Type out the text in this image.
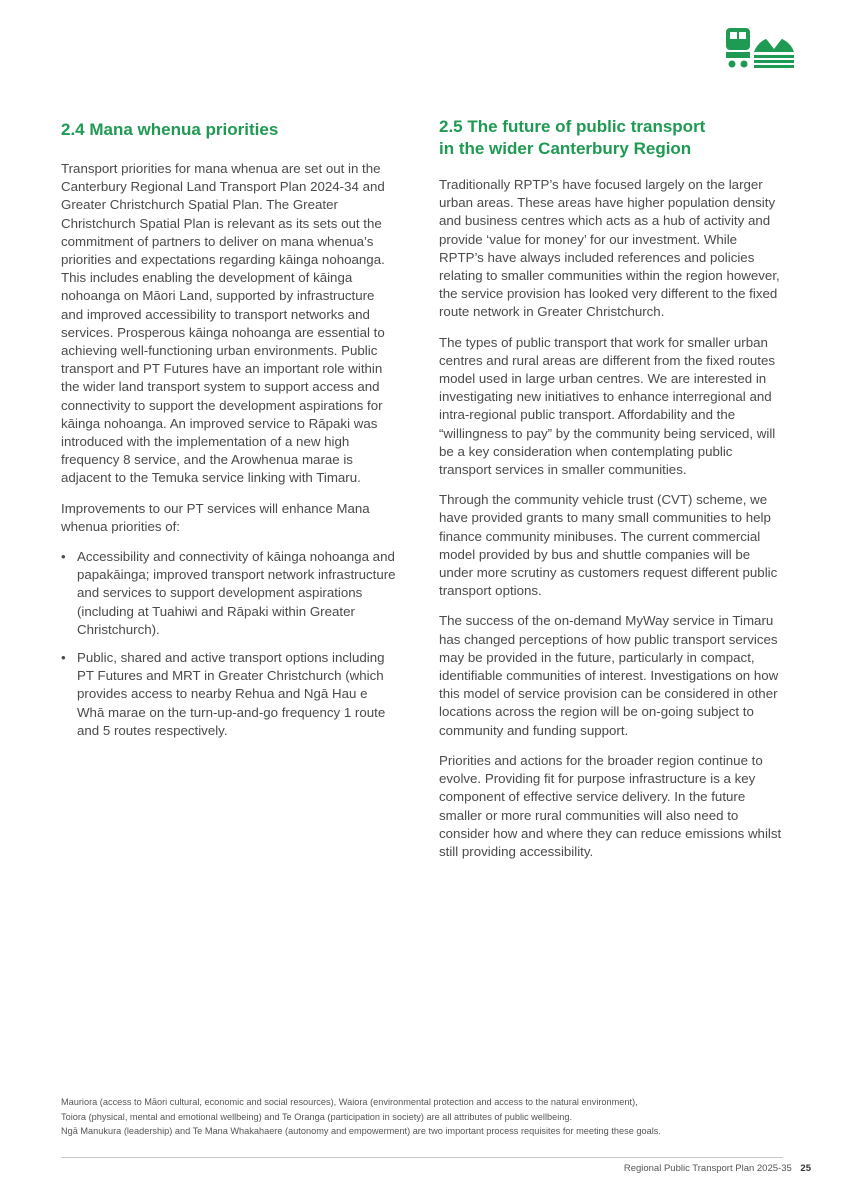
2.4 Mana whenua priorities

Transport priorities for mana whenua are set out in the Canterbury Regional Land Transport Plan 2024-34 and Greater Christchurch Spatial Plan. The Greater Christchurch Spatial Plan is relevant as its sets out the commitment of partners to deliver on mana whenua’s priorities and expectations regarding kāinga nohoanga. This includes enabling the development of kāinga nohoanga on Māori Land, supported by infrastructure and improved accessibility to transport networks and services. Prosperous kāinga nohoanga are essential to achieving well-functioning urban environments. Public transport and PT Futures have an important role within the wider land transport system to support access and connectivity to support the development aspirations for kāinga nohoanga. An improved service to Rāpaki was introduced with the implementation of a new high frequency 8 service, and the Arowhenua marae is adjacent to the Temuka service linking with Timaru.

Improvements to our PT services will enhance Mana whenua priorities of:

• Accessibility and connectivity of kāinga nohoanga and papakāinga; improved transport network infrastructure and services to support development aspirations (including at Tuahiwi and Rāpaki within Greater Christchurch).
• Public, shared and active transport options including PT Futures and MRT in Greater Christchurch (which provides access to nearby Rehua and Ngā Hau e Whā marae on the turn-up-and-go frequency 1 route and 5 routes respectively.
2.5 The future of public transport
in the wider Canterbury Region

Traditionally RPTP’s have focused largely on the larger urban areas. These areas have higher population density and business centres which acts as a hub of activity and provide ‘value for money’ for our investment. While RPTP’s have always included references and policies relating to smaller communities within the region however, the service provision has looked very different to the fixed route network in Greater Christchurch.

The types of public transport that work for smaller urban centres and rural areas are different from the fixed routes model used in large urban centres. We are interested in investigating new initiatives to enhance interregional and intra-regional public transport. Affordability and the “willingness to pay” by the community being serviced, will be a key consideration when contemplating public transport services in smaller communities.

Through the community vehicle trust (CVT) scheme, we have provided grants to many small communities to help finance community minibuses. The current commercial model provided by bus and shuttle companies will be under more scrutiny as customers request different public transport options.

The success of the on-demand MyWay service in Timaru has changed perceptions of how public transport services may be provided in the future, particularly in compact, identifiable communities of interest. Investigations on how this model of service provision can be considered in other locations across the region will be on-going subject to community and funding support.

Priorities and actions for the broader region continue to evolve. Providing fit for purpose infrastructure is a key component of effective service delivery. In the future smaller or more rural communities will also need to consider how and where they can reduce emissions whilst still providing accessibility.

Mauriora (access to Māori cultural, economic and social resources), Waiora (environmental protection and access to the natural environment),
Toiora (physical, mental and emotional wellbeing) and Te Oranga (participation in society) are all attributes of public wellbeing.
Ngā Manukura (leadership) and Te Mana Whakahaere (autonomy and empowerment) are two important process requisites for meeting these goals.
Regional Public Transport Plan 2025-35 25
